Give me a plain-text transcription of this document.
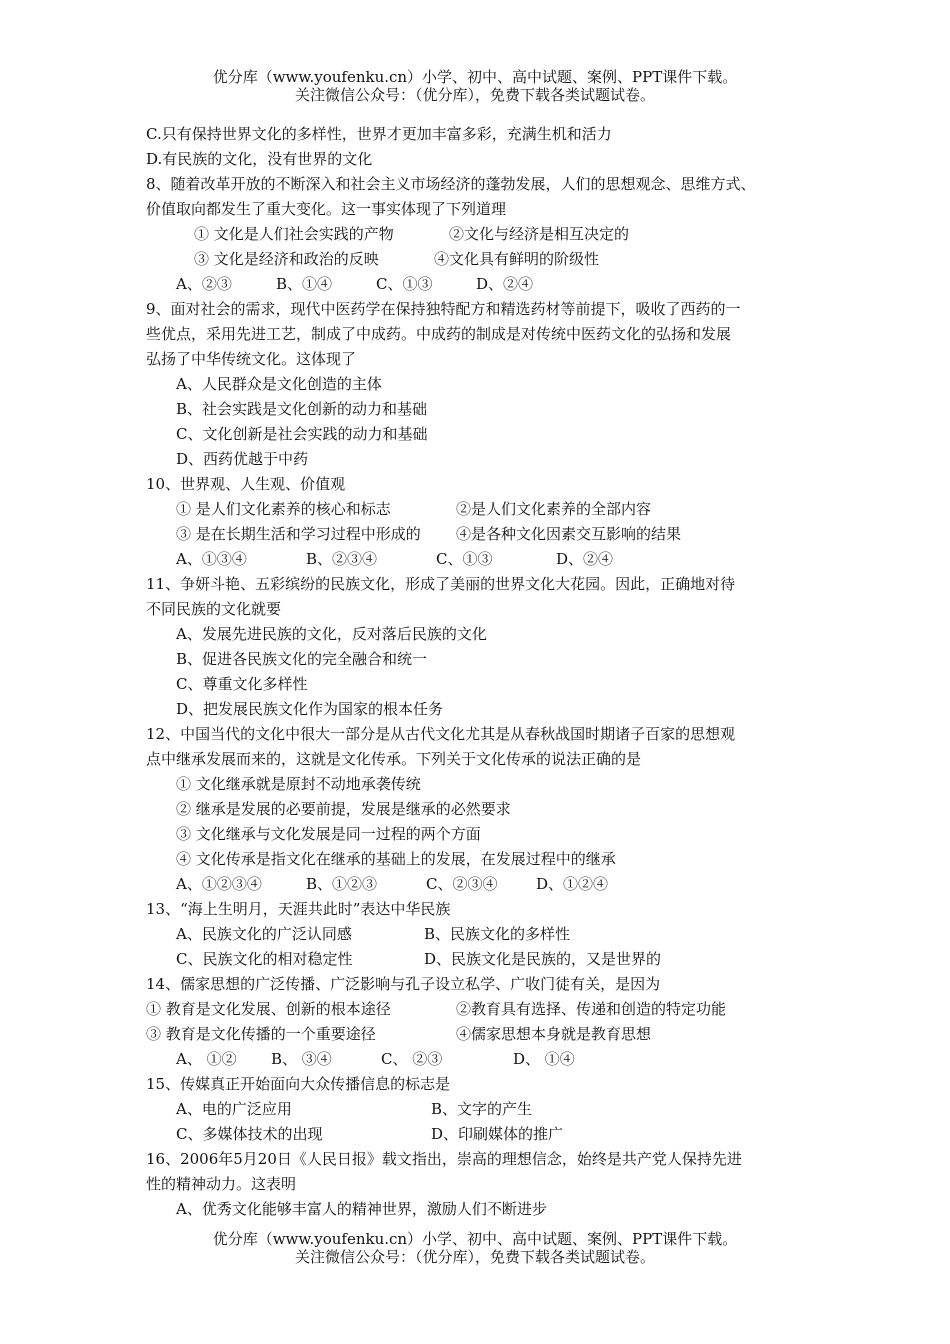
优分库（www.youfenku.cn）小学、初中、高中试题、案例、PPT课件下载。
关注微信公众号：（优分库），免费下载各类试题试卷。
C.只有保持世界文化的多样性，世界才更加丰富多彩，充满生机和活力
D.有民族的文化，没有世界的文化
8、随着改革开放的不断深入和社会主义市场经济的蓬勃发展，人们的思想观念、思维方式、
价值取向都发生了重大变化。这一事实体现了下列道理
① 文化是人们社会实践的产物	②文化与经济是相互决定的
③ 文化是经济和政治的反映	④文化具有鲜明的阶级性
A、②③	B、①④	C、①③	D、②④
9、面对社会的需求，现代中医药学在保持独特配方和精选药材等前提下，吸收了西药的一
些优点，采用先进工艺，制成了中成药。中成药的制成是对传统中医药文化的弘扬和发展
弘扬了中华传统文化。这体现了
A、人民群众是文化创造的主体
B、社会实践是文化创新的动力和基础
C、文化创新是社会实践的动力和基础
D、西药优越于中药
10、世界观、人生观、价值观
① 是人们文化素养的核心和标志	②是人们文化素养的全部内容
③ 是在长期生活和学习过程中形成的 ④是各种文化因素交互影响的结果
A、①③④	B、②③④	C、①③	D、②④
11、争妍斗艳、五彩缤纷的民族文化，形成了美丽的世界文化大花园。因此，正确地对待
不同民族的文化就要
A、发展先进民族的文化，反对落后民族的文化
B、促进各民族文化的完全融合和统一
C、尊重文化多样性
D、把发展民族文化作为国家的根本任务
12、中国当代的文化中很大一部分是从古代文化尤其是从春秋战国时期诸子百家的思想观
点中继承发展而来的，这就是文化传承。下列关于文化传承的说法正确的是
① 文化继承就是原封不动地承袭传统
② 继承是发展的必要前提，发展是继承的必然要求
③ 文化继承与文化发展是同一过程的两个方面
④ 文化传承是指文化在继承的基础上的发展，在发展过程中的继承
A、①②③④	B、①②③	C、②③④	D、①②④
13、“海上生明月，天涯共此时”表达中华民族
A、民族文化的广泛认同感	B、民族文化的多样性
C、民族文化的相对稳定性	D、民族文化是民族的，又是世界的
14、儒家思想的广泛传播、广泛影响与孔子设立私学、广收门徒有关，是因为
① 教育是文化发展、创新的根本途径	②教育具有选择、传递和创造的特定功能
③ 教育是文化传播的一个重要途径	④儒家思想本身就是教育思想
A、 ①② B、 ③④	C、 ②③	D、 ①④
15、传媒真正开始面向大众传播信息的标志是
A、电的广泛应用	B、文字的产生
C、多媒体技术的出现	D、印刷媒体的推广
16、2006年5月20日《人民日报》载文指出，崇高的理想信念，始终是共产党人保持先进
性的精神动力。这表明
A、优秀文化能够丰富人的精神世界，激励人们不断进步
优分库（www.youfenku.cn）小学、初中、高中试题、案例、PPT课件下载。
关注微信公众号：（优分库），免费下载各类试题试卷。
